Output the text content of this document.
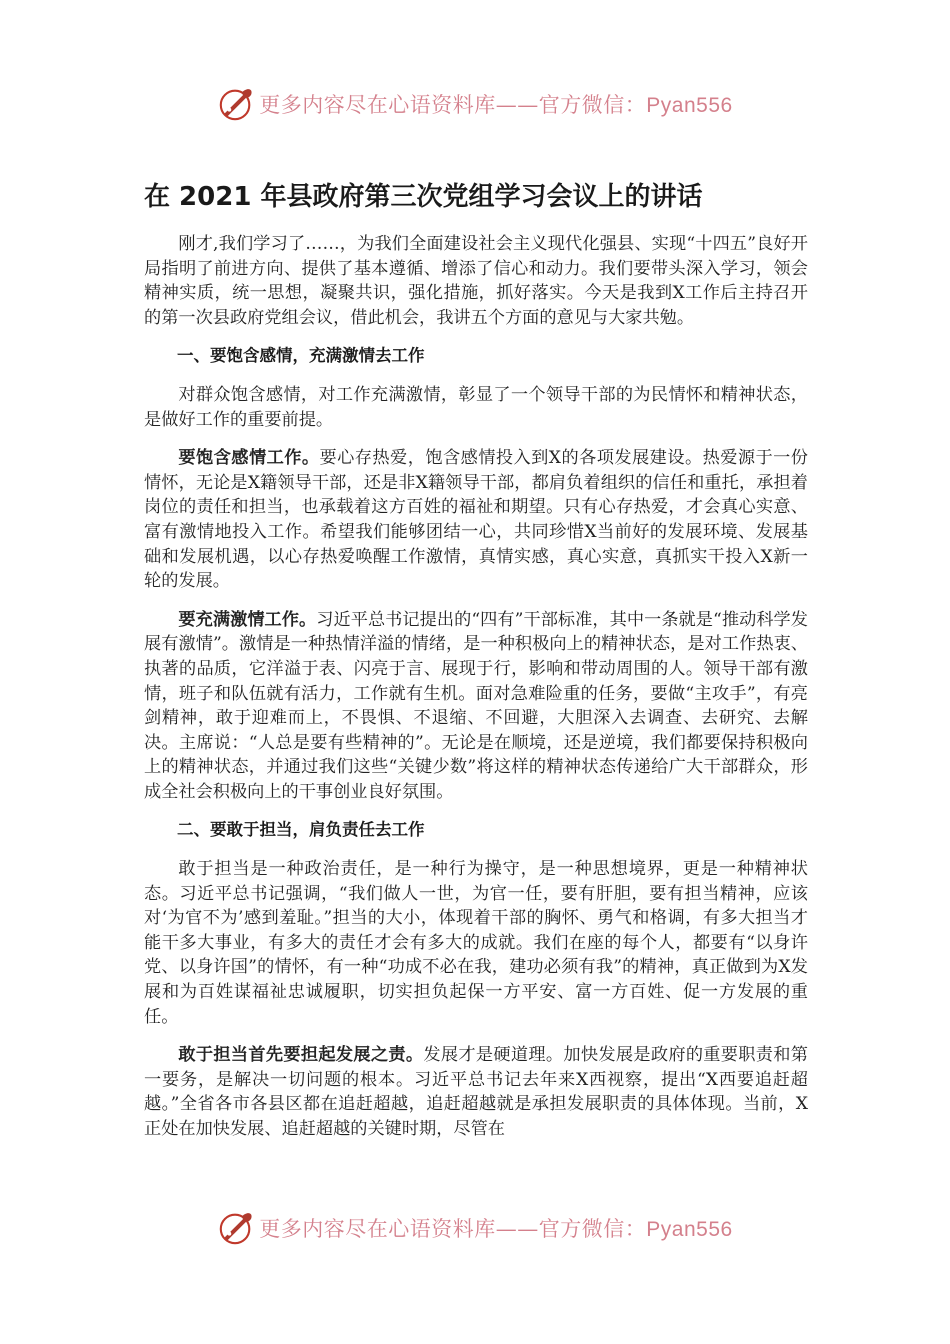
更多内容尽在心语资料库——官方微信：Pyan556
在 2021 年县政府第三次党组学习会议上的讲话

刚才,我们学习了……，为我们全面建设社会主义现代化强县、实现“十四五”良好开局指明了前进方向、提供了基本遵循、增添了信心和动力。我们要带头深入学习，领会精神实质，统一思想，凝聚共识，强化措施，抓好落实。今天是我到X工作后主持召开的第一次县政府党组会议，借此机会，我讲五个方面的意见与大家共勉。

一、要饱含感情，充满激情去工作

对群众饱含感情，对工作充满激情，彰显了一个领导干部的为民情怀和精神状态，是做好工作的重要前提。

要饱含感情工作。要心存热爱，饱含感情投入到X的各项发展建设。热爱源于一份情怀，无论是X籍领导干部，还是非X籍领导干部，都肩负着组织的信任和重托，承担着岗位的责任和担当，也承载着这方百姓的福祉和期望。只有心存热爱，才会真心实意、富有激情地投入工作。希望我们能够团结一心，共同珍惜X当前好的发展环境、发展基础和发展机遇，以心存热爱唤醒工作激情，真情实感，真心实意，真抓实干投入X新一轮的发展。

要充满激情工作。习近平总书记提出的“四有”干部标准，其中一条就是“推动科学发展有激情”。激情是一种热情洋溢的情绪，是一种积极向上的精神状态，是对工作热衷、执著的品质，它洋溢于表、闪亮于言、展现于行，影响和带动周围的人。领导干部有激情，班子和队伍就有活力，工作就有生机。面对急难险重的任务，要做“主攻手”，有亮剑精神，敢于迎难而上，不畏惧、不退缩、不回避，大胆深入去调查、去研究、去解决。主席说：“人总是要有些精神的”。无论是在顺境，还是逆境，我们都要保持积极向上的精神状态，并通过我们这些“关键少数”将这样的精神状态传递给广大干部群众，形成全社会积极向上的干事创业良好氛围。

二、要敢于担当，肩负责任去工作

敢于担当是一种政治责任，是一种行为操守，是一种思想境界，更是一种精神状态。习近平总书记强调，“我们做人一世，为官一任，要有肝胆，要有担当精神，应该对‘为官不为’感到羞耻。”担当的大小，体现着干部的胸怀、勇气和格调，有多大担当才能干多大事业，有多大的责任才会有多大的成就。我们在座的每个人，都要有“以身许党、以身许国”的情怀，有一种“功成不必在我，建功必须有我”的精神，真正做到为X发展和为百姓谋福祉忠诚履职，切实担负起保一方平安、富一方百姓、促一方发展的重任。

敢于担当首先要担起发展之责。发展才是硬道理。加快发展是政府的重要职责和第一要务，是解决一切问题的根本。习近平总书记去年来X西视察，提出“X西要追赶超越。”全省各市各县区都在追赶超越，追赶超越就是承担发展职责的具体体现。当前，X正处在加快发展、追赶超越的关键时期，尽管在

更多内容尽在心语资料库——官方微信：Pyan556
